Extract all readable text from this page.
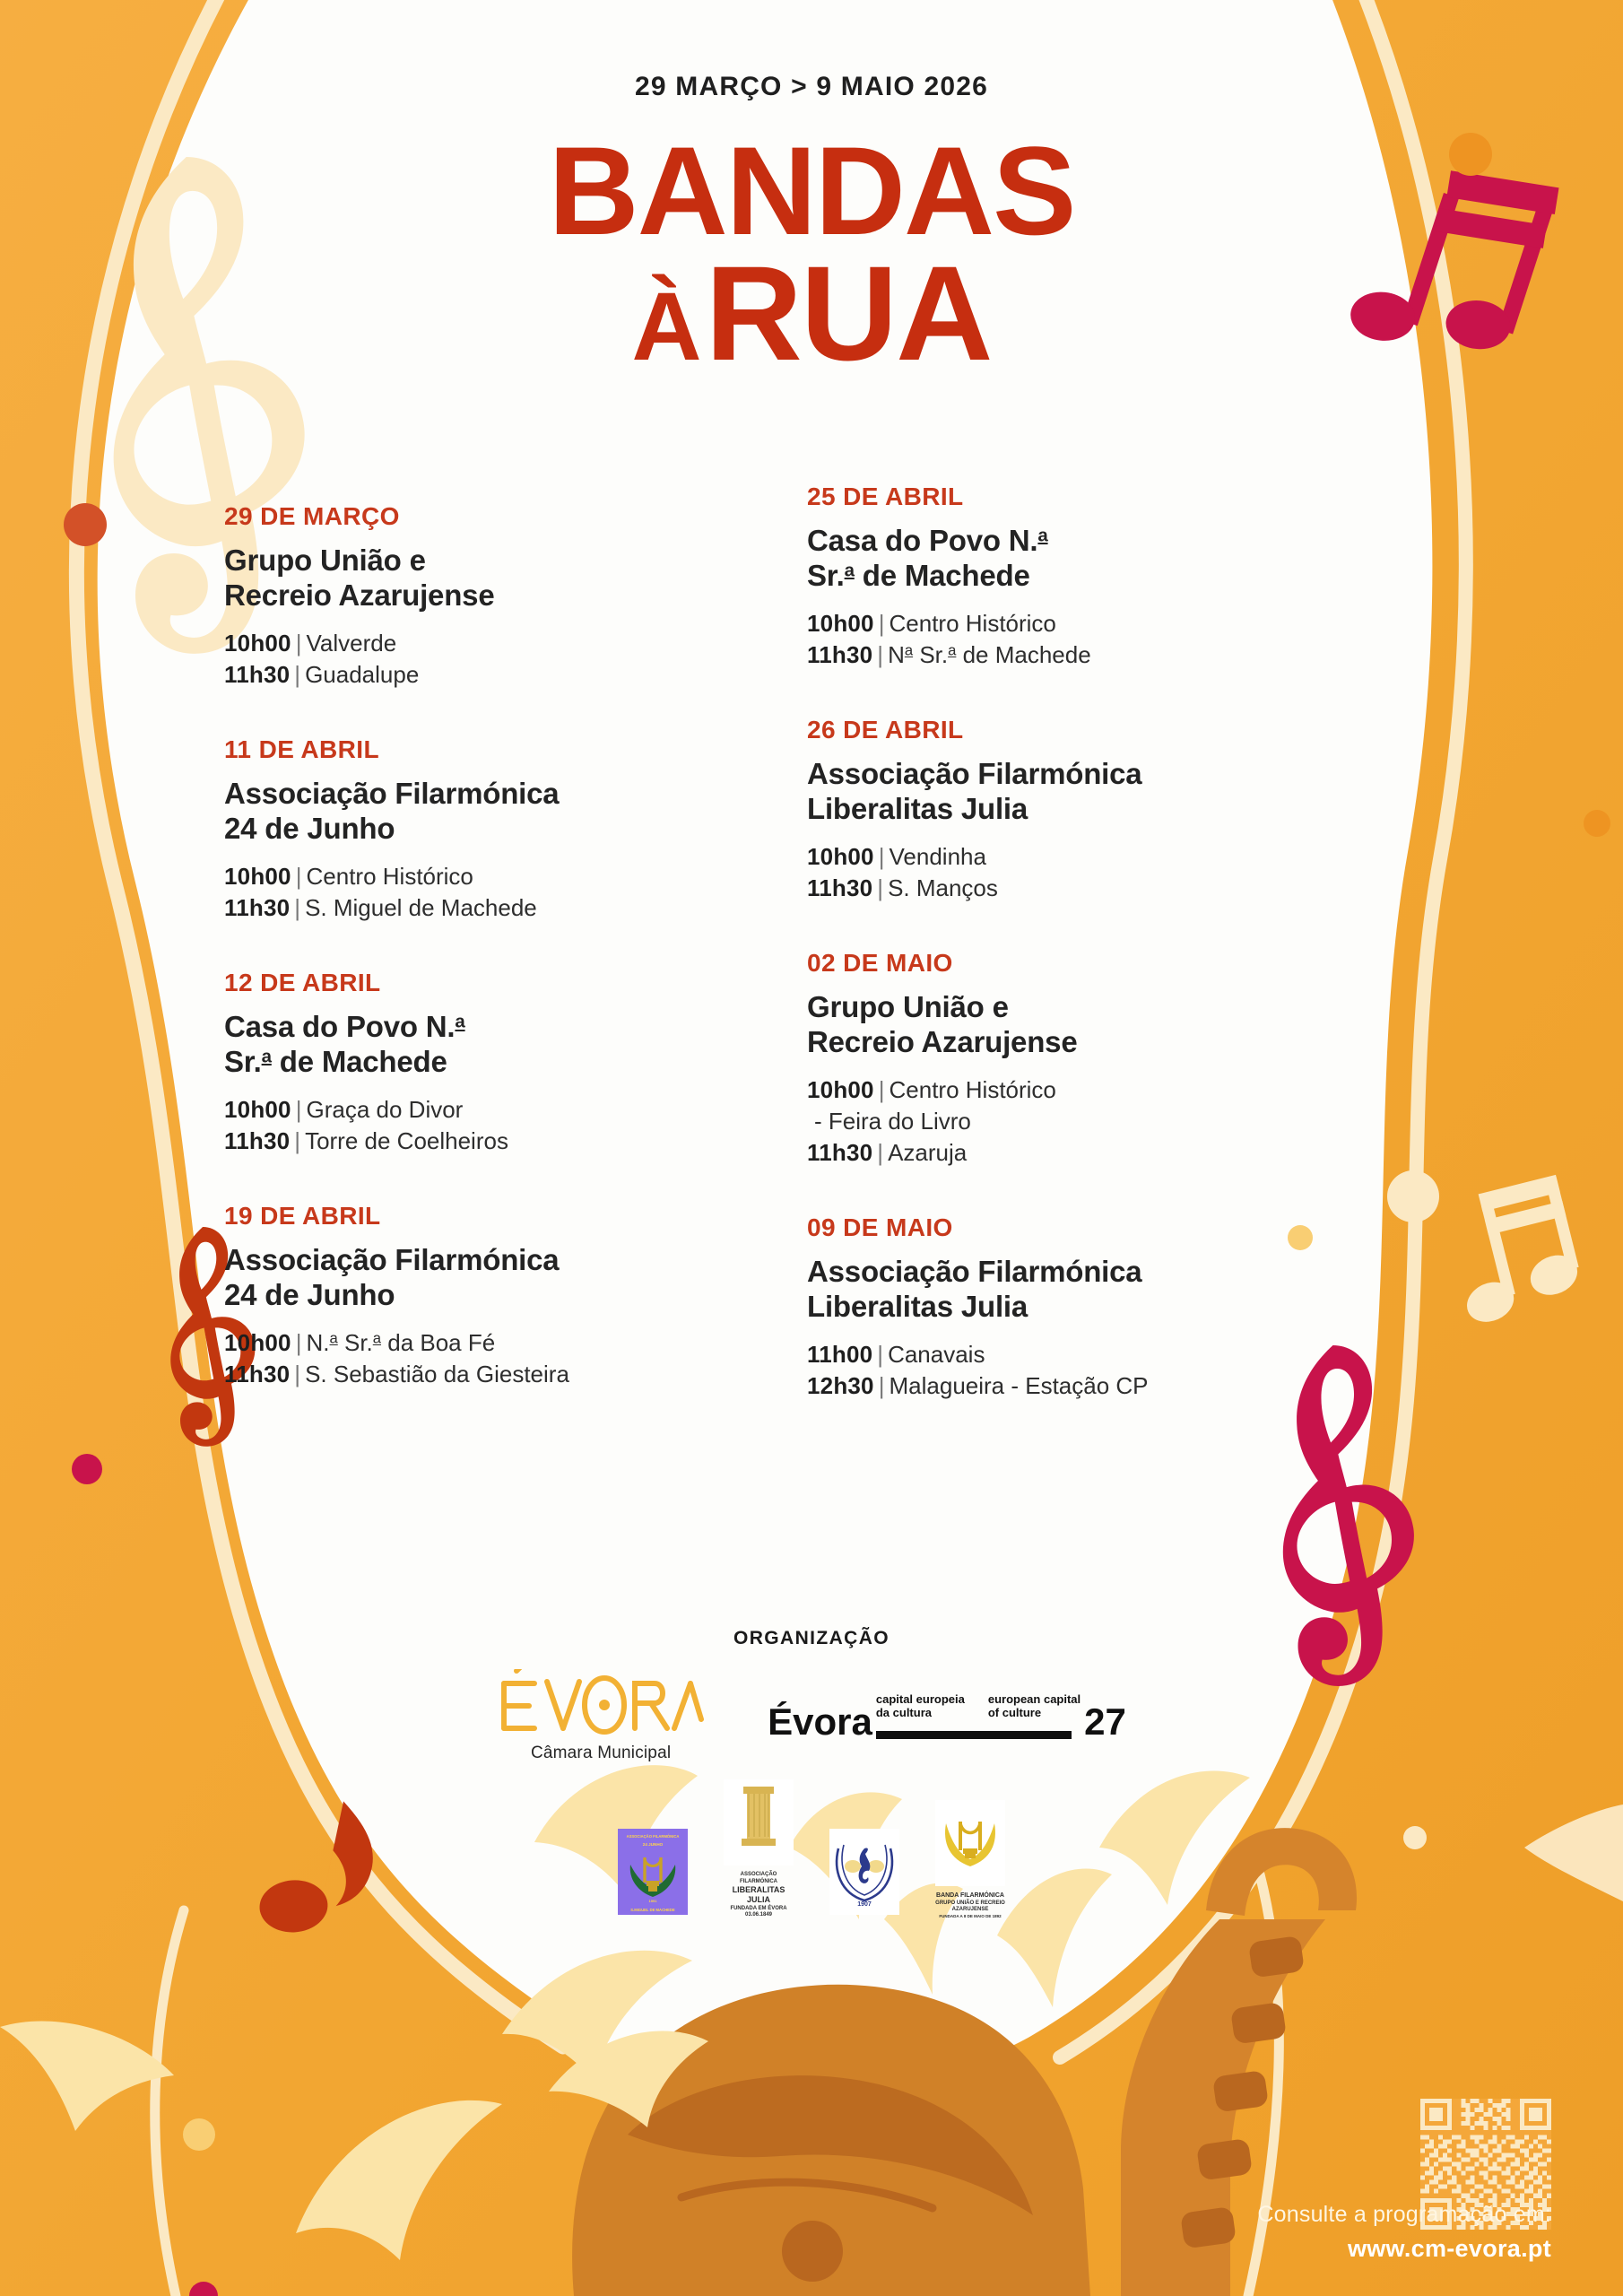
29 MARÇO > 9 MAIO 2026
BANDAS
ÀRUA
29 DE MARÇO
Grupo União e
Recreio Azarujense
10h00 | Valverde
11h30 | Guadalupe
11 DE ABRIL
Associação Filarmónica
24 de Junho
10h00 | Centro Histórico
11h30 | S. Miguel de Machede
12 DE ABRIL
Casa do Povo N.$^a$
Sr.$^a$ de Machede
10h00 | Graça do Divor
11h30 | Torre de Coelheiros
19 DE ABRIL
Associação Filarmónica
24 de Junho
10h00 | N.$^a$ Sr.$^a$ da Boa Fé
11h30 | S. Sebastião da Giesteira
25 DE ABRIL
Casa do Povo N.$^a$
Sr.$^a$ de Machede
10h00 | Centro Histórico
11h30 | $N^a$ Sr.$^a$ de Machede
26 DE ABRIL
Associação Filarmónica
Liberalitas Julia
10h00 | Vendinha
11h30 | S. Manços
02 DE MAIO
Grupo União e
Recreio Azarujense
10h00 | Centro Histórico
- Feira do Livro
11h30 | Azaruja
09 DE MAIO
Associação Filarmónica
Liberalitas Julia
11h00 | Canavais
12h30 | Malagueira - Estação CP
ORGANIZAÇÃO
Câmara Municipal
Évora
capital europeia
da cultura
european capital
of culture	27
ASSOCIAÇÃO FILARMÓNICA
24 JUNHO
1991
S.MIGUEL DE MACHEDE
ASSOCIAÇÃO FILARMÓNICA
LIBERALITAS JULIA
FUNDADA EM ÉVORA 03.06.1849
1907
BANDA FILARMÓNICA
GRUPO UNIÃO E RECREIO AZARUJENSE
FUNDADA A 8 DE MAIO DE 1892
Consulte a programação em:
www.cm-evora.pt
